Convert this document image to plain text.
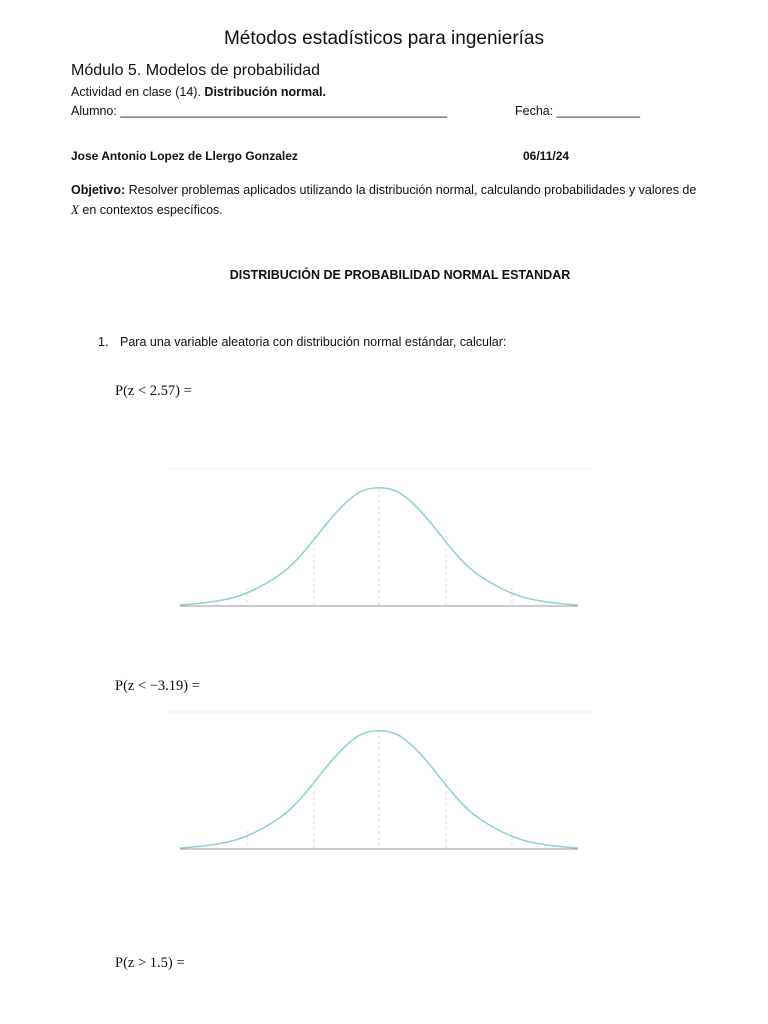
Métodos estadísticos para ingenierías
Módulo 5. Modelos de probabilidad
Actividad en clase (14). Distribución normal.
Alumno: _______________________________________________	Fecha: ____________
Jose Antonio Lopez de Llergo Gonzalez	06/11/24
Objetivo: Resolver problemas aplicados utilizando la distribución normal, calculando probabilidades y valores de X en contextos específicos.
DISTRIBUCIÓN DE PROBABILIDAD NORMAL ESTANDAR
1. Para una variable aleatoria con distribución normal estándar, calcular:
P(z < 2.57) =
P(z < −3.19) =
P(z > 1.5) =
